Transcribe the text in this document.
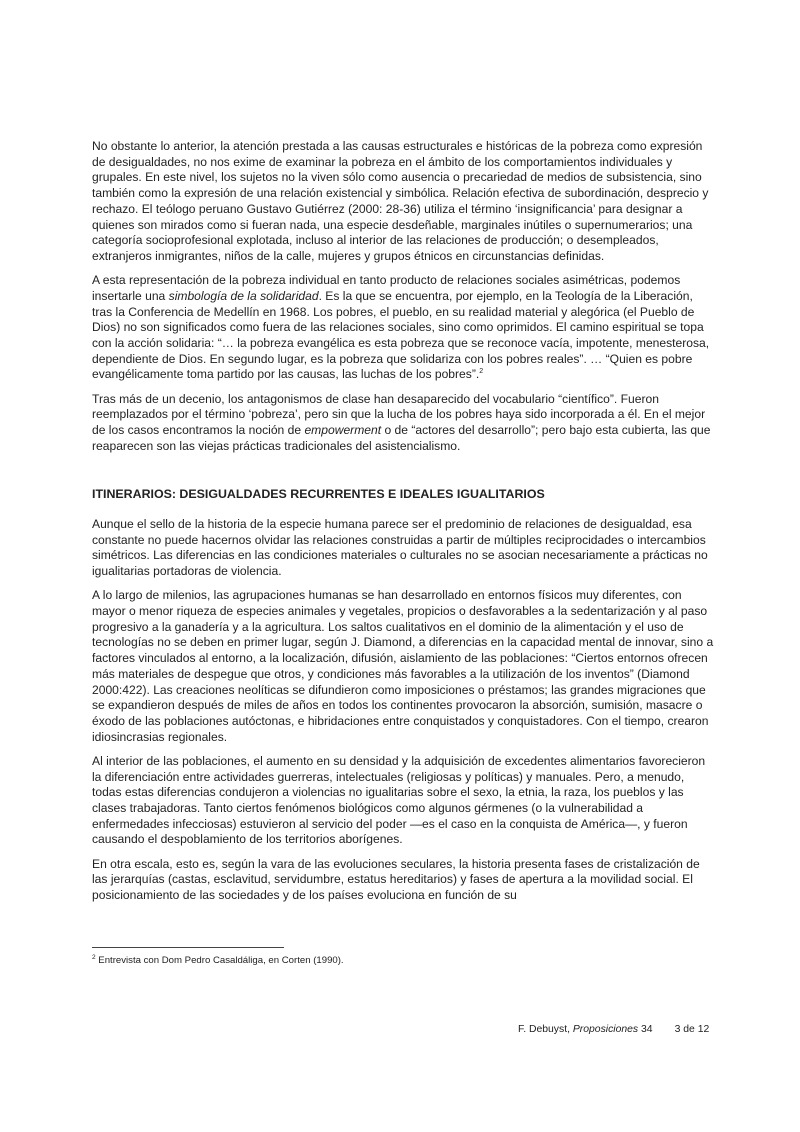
No obstante lo anterior, la atención prestada a las causas estructurales e históricas de la pobreza como expresión de desigualdades, no nos exime de examinar la pobreza en el ámbito de los comportamientos individuales y grupales. En este nivel, los sujetos no la viven sólo como ausencia o precariedad de medios de subsistencia, sino también como la expresión de una relación existencial y simbólica. Relación efectiva de subordinación, desprecio y rechazo. El teólogo peruano Gustavo Gutiérrez (2000: 28-36) utiliza el término ‘insignificancia’ para designar a quienes son mirados como si fueran nada, una especie desdeñable, marginales inútiles o supernumerarios; una categoría socioprofesional explotada, incluso al interior de las relaciones de producción; o desempleados, extranjeros inmigrantes, niños de la calle, mujeres y grupos étnicos en circunstancias definidas.

A esta representación de la pobreza individual en tanto producto de relaciones sociales asimétricas, podemos insertarle una simbología de la solidaridad. Es la que se encuentra, por ejemplo, en la Teología de la Liberación, tras la Conferencia de Medellín en 1968. Los pobres, el pueblo, en su realidad material y alegórica (el Pueblo de Dios) no son significados como fuera de las relaciones sociales, sino como oprimidos. El camino espiritual se topa con la acción solidaria: “… la pobreza evangélica es esta pobreza que se reconoce vacía, impotente, menesterosa, dependiente de Dios. En segundo lugar, es la pobreza que solidariza con los pobres reales”. … “Quien es pobre evangélicamente toma partido por las causas, las luchas de los pobres”.$^2$

Tras más de un decenio, los antagonismos de clase han desaparecido del vocabulario “científico”. Fueron reemplazados por el término ‘pobreza’, pero sin que la lucha de los pobres haya sido incorporada a él. En el mejor de los casos encontramos la noción de empowerment o de “actores del desarrollo”; pero bajo esta cubierta, las que reaparecen son las viejas prácticas tradicionales del asistencialismo.

ITINERARIOS: DESIGUALDADES RECURRENTES E IDEALES IGUALITARIOS

Aunque el sello de la historia de la especie humana parece ser el predominio de relaciones de desigualdad, esa constante no puede hacernos olvidar las relaciones construidas a partir de múltiples reciprocidades o intercambios simétricos. Las diferencias en las condiciones materiales o culturales no se asocian necesariamente a prácticas no igualitarias portadoras de violencia.

A lo largo de milenios, las agrupaciones humanas se han desarrollado en entornos físicos muy diferentes, con mayor o menor riqueza de especies animales y vegetales, propicios o desfavorables a la sedentarización y al paso progresivo a la ganadería y a la agricultura. Los saltos cualitativos en el dominio de la alimentación y el uso de tecnologías no se deben en primer lugar, según J. Diamond, a diferencias en la capacidad mental de innovar, sino a factores vinculados al entorno, a la localización, difusión, aislamiento de las poblaciones: “Ciertos entornos ofrecen más materiales de despegue que otros, y condiciones más favorables a la utilización de los inventos” (Diamond 2000:422). Las creaciones neolíticas se difundieron como imposiciones o préstamos; las grandes migraciones que se expandieron después de miles de años en todos los continentes provocaron la absorción, sumisión, masacre o éxodo de las poblaciones autóctonas, e hibridaciones entre conquistados y conquistadores. Con el tiempo, crearon idiosincrasias regionales.

Al interior de las poblaciones, el aumento en su densidad y la adquisición de excedentes alimentarios favorecieron la diferenciación entre actividades guerreras, intelectuales (religiosas y políticas) y manuales. Pero, a menudo, todas estas diferencias condujeron a violencias no igualitarias sobre el sexo, la etnia, la raza, los pueblos y las clases trabajadoras. Tanto ciertos fenómenos biológicos como algunos gérmenes (o la vulnerabilidad a enfermedades infecciosas) estuvieron al servicio del poder —es el caso en la conquista de América—, y fueron causando el despoblamiento de los territorios aborígenes.

En otra escala, esto es, según la vara de las evoluciones seculares, la historia presenta fases de cristalización de las jerarquías (castas, esclavitud, servidumbre, estatus hereditarios) y fases de apertura a la movilidad social. El posicionamiento de las sociedades y de los países evoluciona en función de su

$^2$ Entrevista con Dom Pedro Casaldáliga, en Corten (1990).
F. Debuyst, Proposiciones 34 3 de 12
